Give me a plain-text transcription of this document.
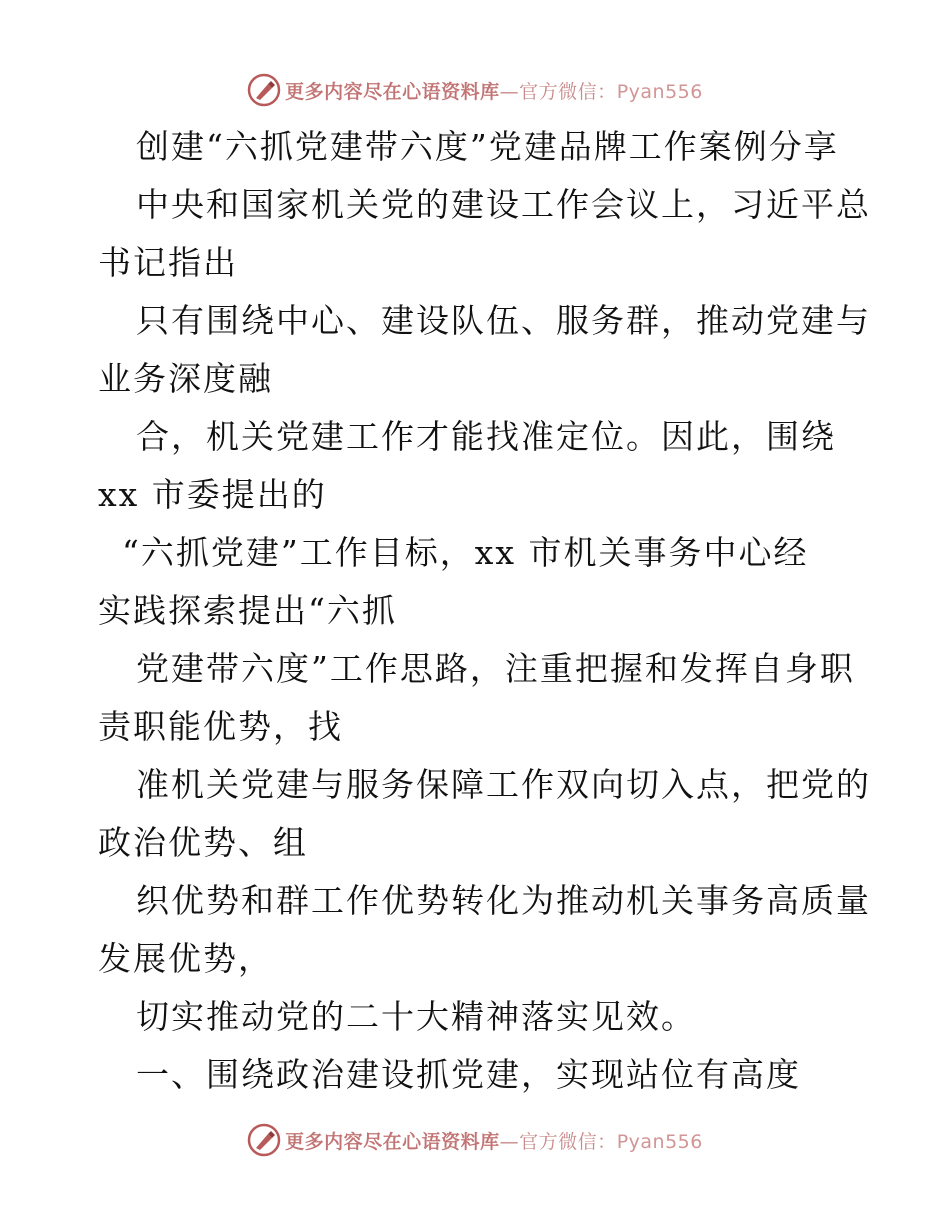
更多内容尽在心语资料库—官方微信：Pyan556
创建“六抓党建带六度”党建品牌工作案例分享
中央和国家机关党的建设工作会议上，习近平总
书记指出
只有围绕中心、建设队伍、服务群，推动党建与
业务深度融
合，机关党建工作才能找准定位。因此，围绕
xx 市委提出的
“六抓党建”工作目标，xx 市机关事务中心经
实践探索提出“六抓
党建带六度”工作思路，注重把握和发挥自身职
责职能优势，找
准机关党建与服务保障工作双向切入点，把党的
政治优势、组
织优势和群工作优势转化为推动机关事务高质量
发展优势，
切实推动党的二十大精神落实见效。
一、围绕政治建设抓党建，实现站位有高度
更多内容尽在心语资料库—官方微信：Pyan556
